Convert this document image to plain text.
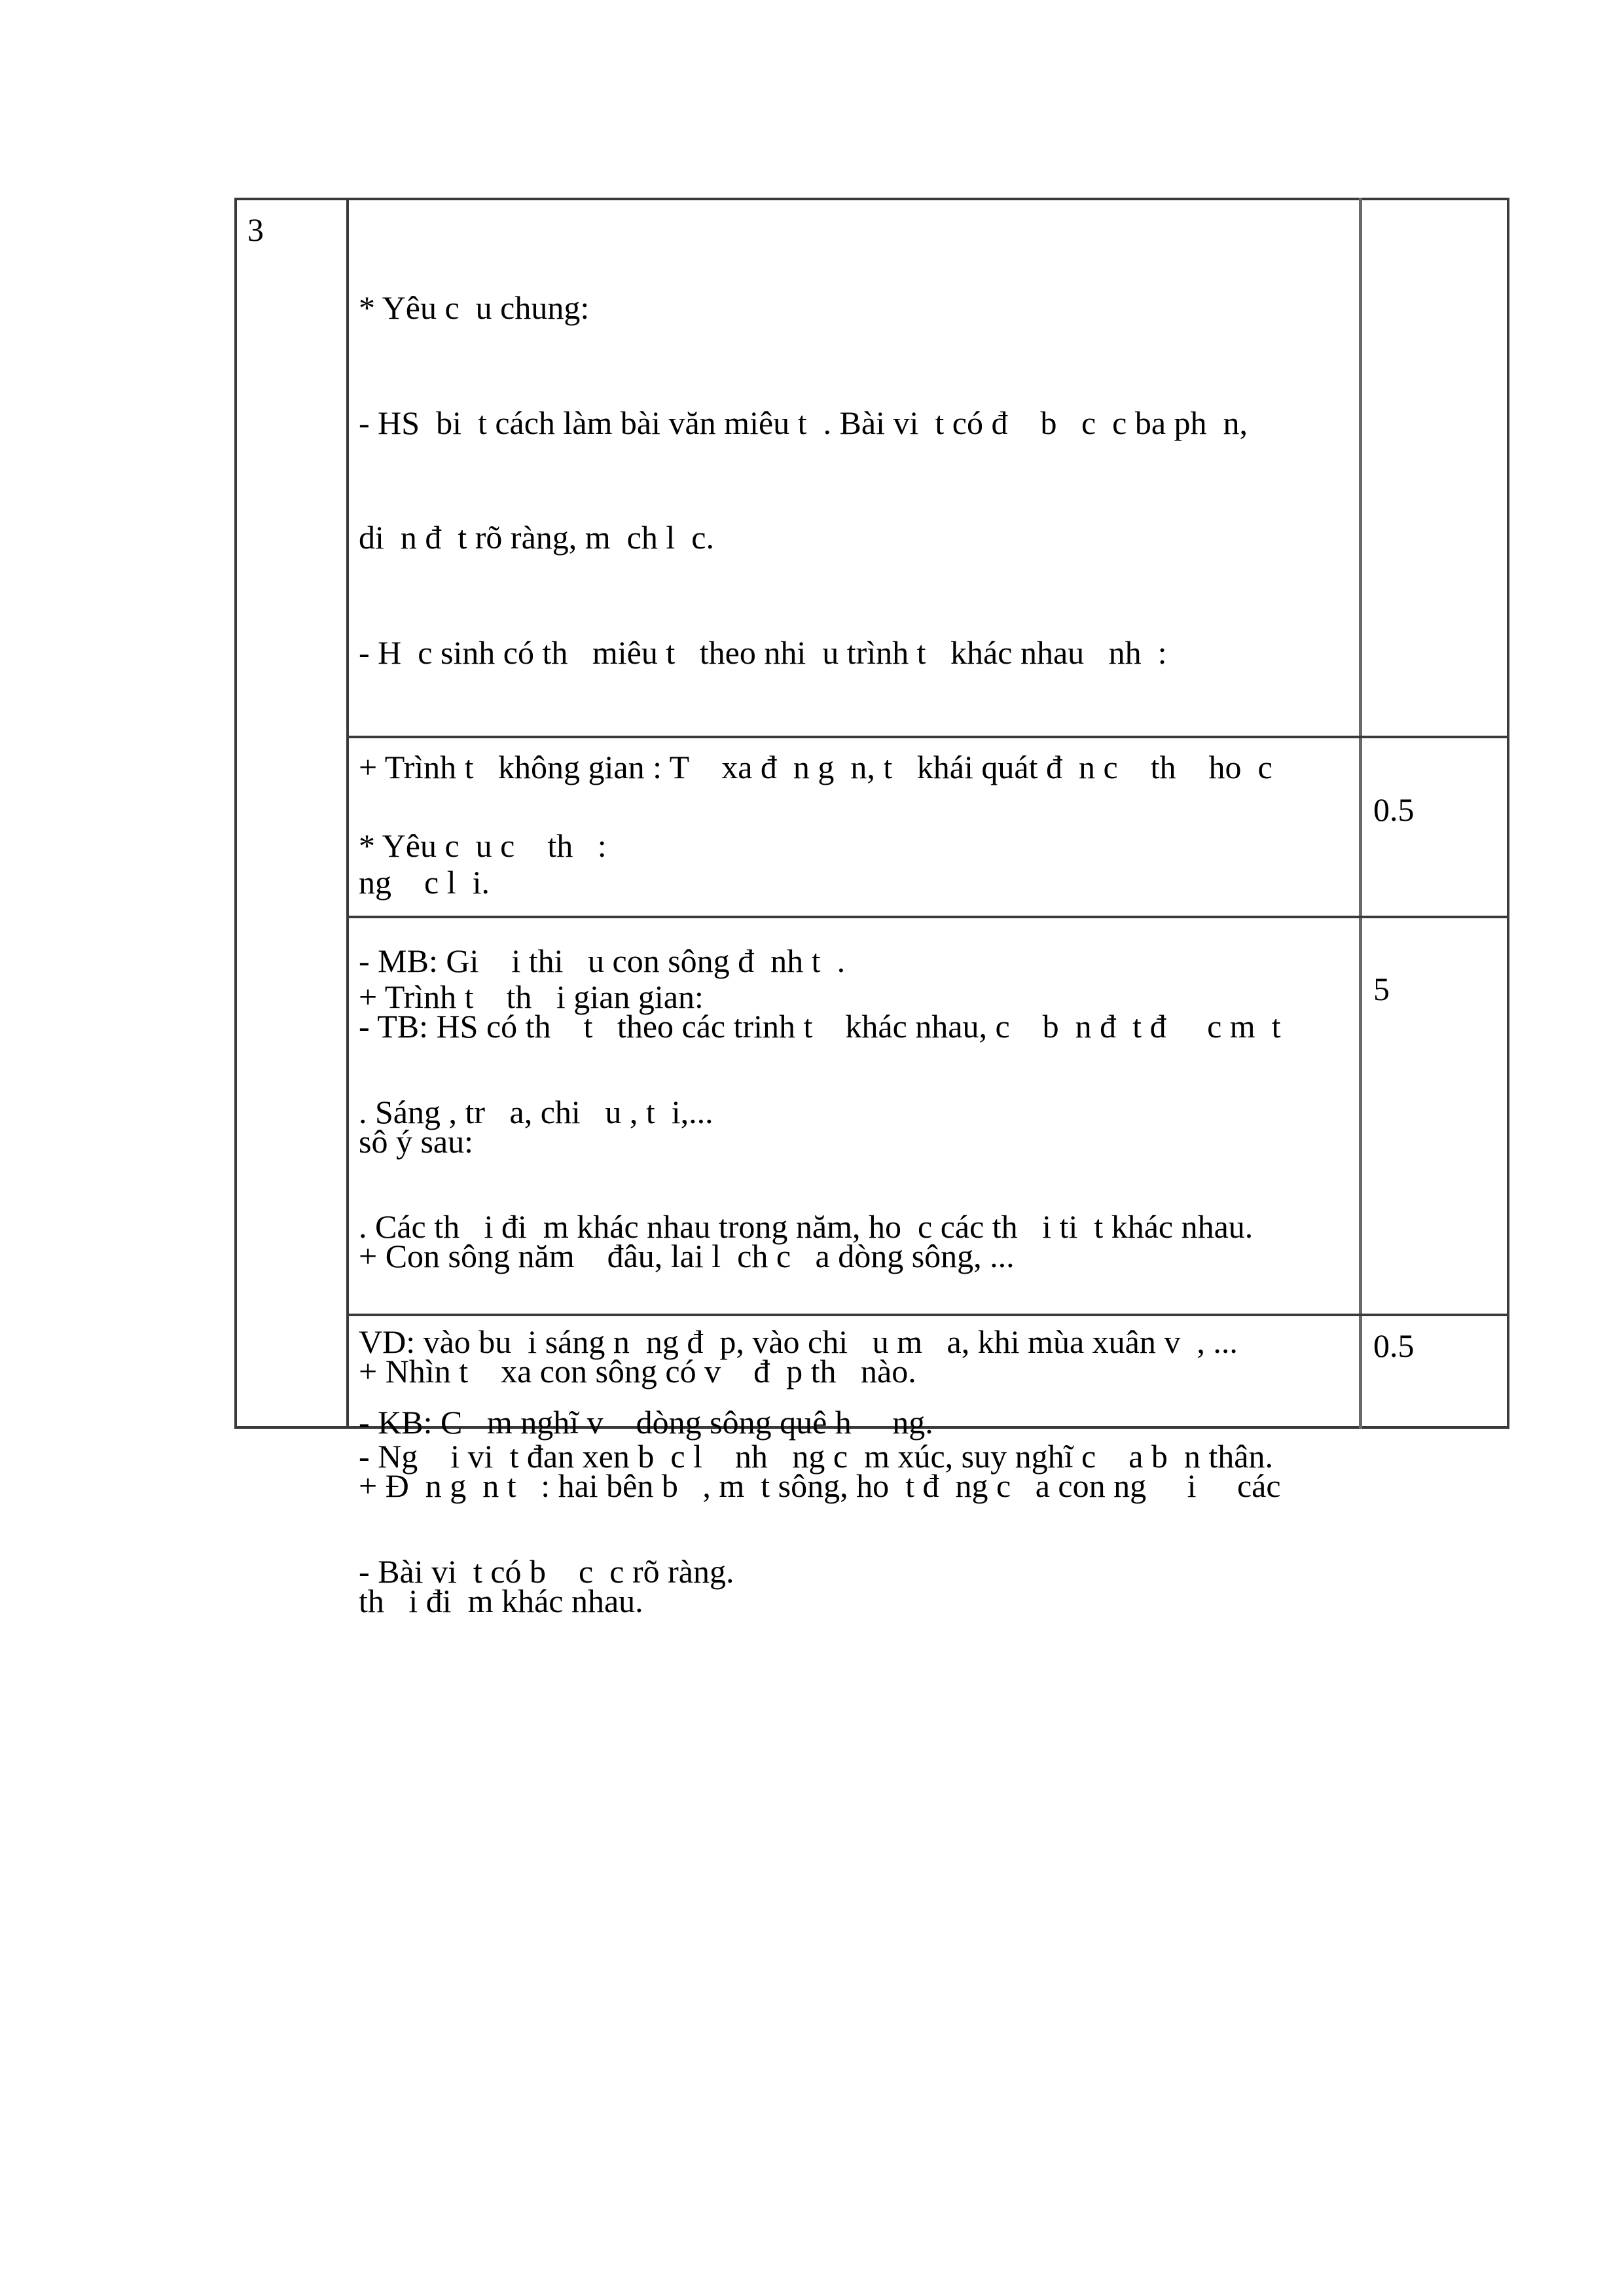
3

* Yêu c  u chung:

- HS  bi  t cách làm bài văn miêu t  . Bài vi  t có đ    b   c  c ba ph  n,

di  n đ  t rõ ràng, m  ch l  c.

- H  c sinh có th   miêu t   theo nhi  u trình t   khác nhau   nh  :

+ Trình t   không gian : T    xa đ  n g  n, t   khái quát đ  n c    th    ho  c

ng    c l  i.

+ Trình t    th   i gian gian:

. Sáng , tr   a, chi   u , t  i,...

. Các th   i đi  m khác nhau trong năm, ho  c các th   i ti  t khác nhau.

VD: vào bu  i sáng n  ng đ  p, vào chi   u m   a, khi mùa xuân v  , ...

- Ng    i vi  t đan xen b  c l    nh   ng c  m xúc, suy nghĩ c    a b  n thân.

- Bài vi  t có b    c  c rõ ràng.

* Yêu c  u c    th   :

- MB: Gi    i thi   u con sông đ  nh t  .

0.5

- TB: HS có th    t   theo các trinh t    khác nhau, c    b  n đ  t đ     c m  t

sô ý sau:

+ Con sông năm    đâu, lai l  ch c   a dòng sông, ...

+ Nhìn t    xa con sông có v    đ  p th   nào.

+ Đ  n g  n t   : hai bên b   , m  t sông, ho  t đ  ng c   a con ng     i     các

th   i đi  m khác nhau.

5

- KB: C   m nghĩ v    dòng sông quê h     ng.

0.5
